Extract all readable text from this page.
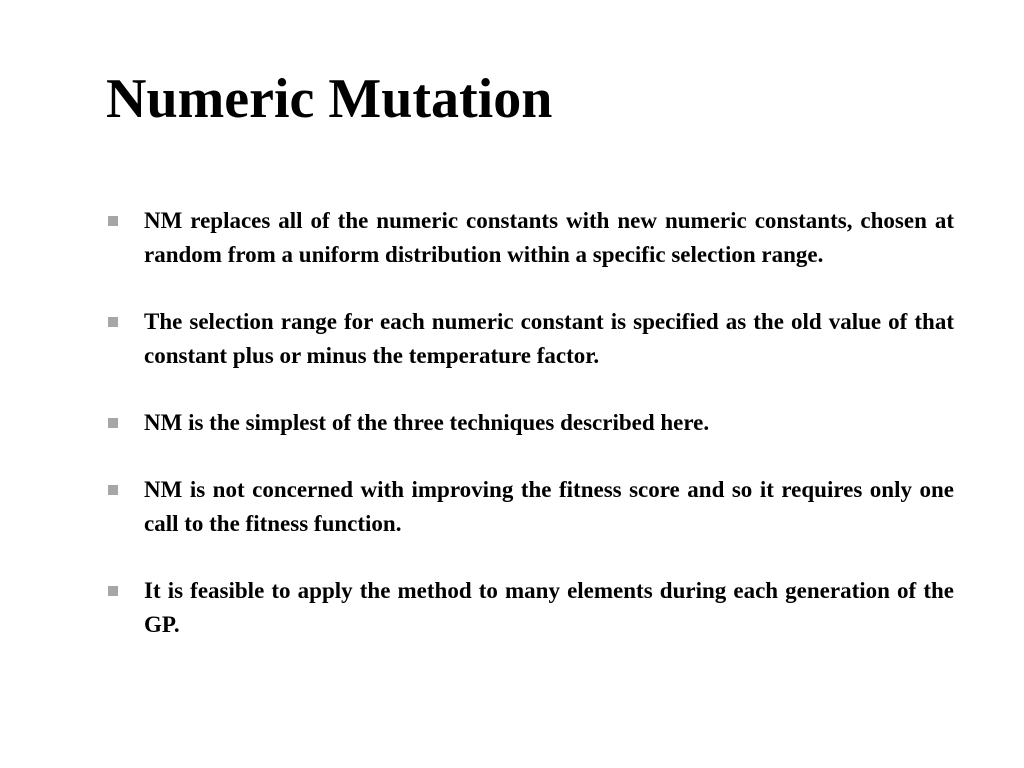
Numeric Mutation
NM replaces all of the numeric constants with new numeric constants, chosen at random from a uniform distribution within a specific selection range.
The selection range for each numeric constant is specified as the old value of that constant plus or minus the temperature factor.
NM is the simplest of the three techniques described here.
NM is not concerned with improving the fitness score and so it requires only one call to the fitness function.
It is feasible to apply the method to many elements during each generation of the GP.
